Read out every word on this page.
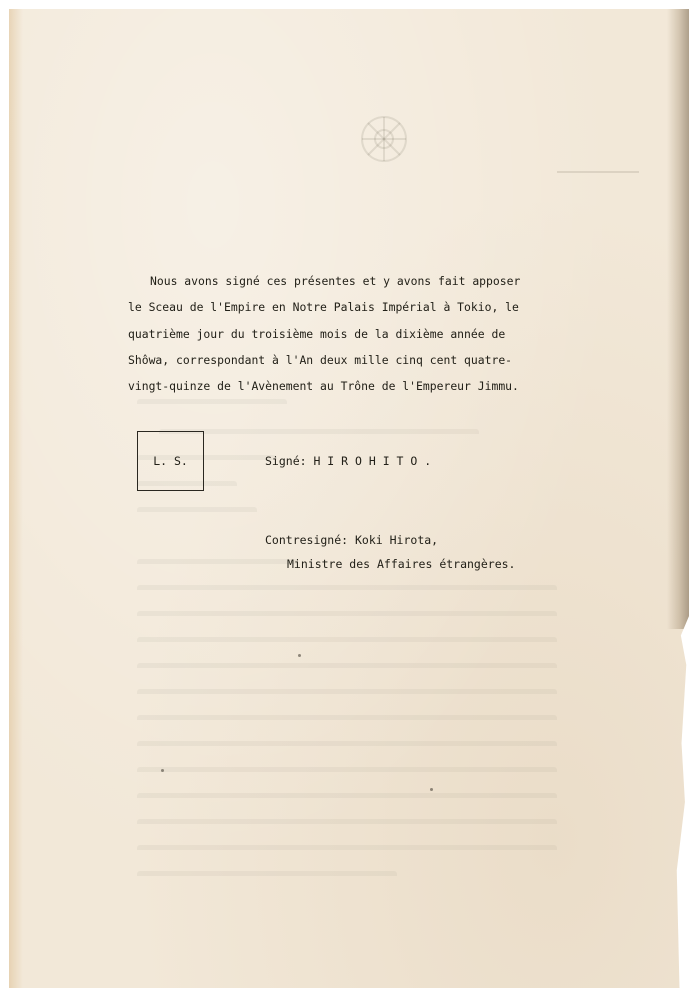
Nous avons signé ces présentes et y avons fait apposer
le Sceau de l'Empire en Notre Palais Impérial à Tokio, le
quatrième jour du troisième mois de la dixième année de
Shôwa, correspondant à l'An deux mille cinq cent quatre-
vingt-quinze de l'Avènement au Trône de l'Empereur Jimmu.
L. S.	Signé: H I R O H I T O .
Contresigné: Koki Hirota,
Ministre des Affaires étrangères.
